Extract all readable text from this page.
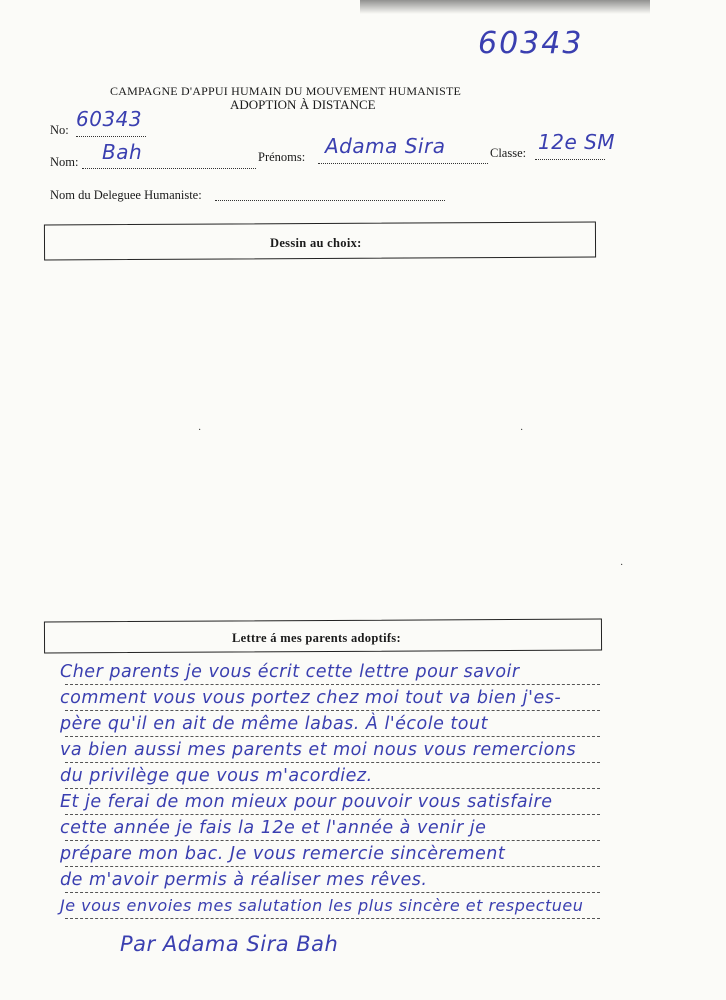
60343
CAMPAGNE D'APPUI HUMAIN DU MOUVEMENT HUMANISTE
ADOPTION À DISTANCE
No: 60343
Nom: Bah	Prénoms: Adama Sira	Classe: 12e SM
Nom du Deleguee Humaniste:
Dessin au choix:
·	·
·
Lettre á mes parents adoptifs:
Cher parents je vous écrit cette lettre pour savoir
comment vous vous portez chez moi tout va bien j'es-
père qu'il en ait de même labas. À l'école tout
va bien aussi mes parents et moi nous vous remercions
du privilège que vous m'acordiez.
Et je ferai de mon mieux pour pouvoir vous satisfaire
cette année je fais la 12e et l'année à venir je
prépare mon bac. Je vous remercie sincèrement
de m'avoir permis à réaliser mes rêves.
Je vous envoies mes salutation les plus sincère et respectueu
Par Adama Sira Bah
